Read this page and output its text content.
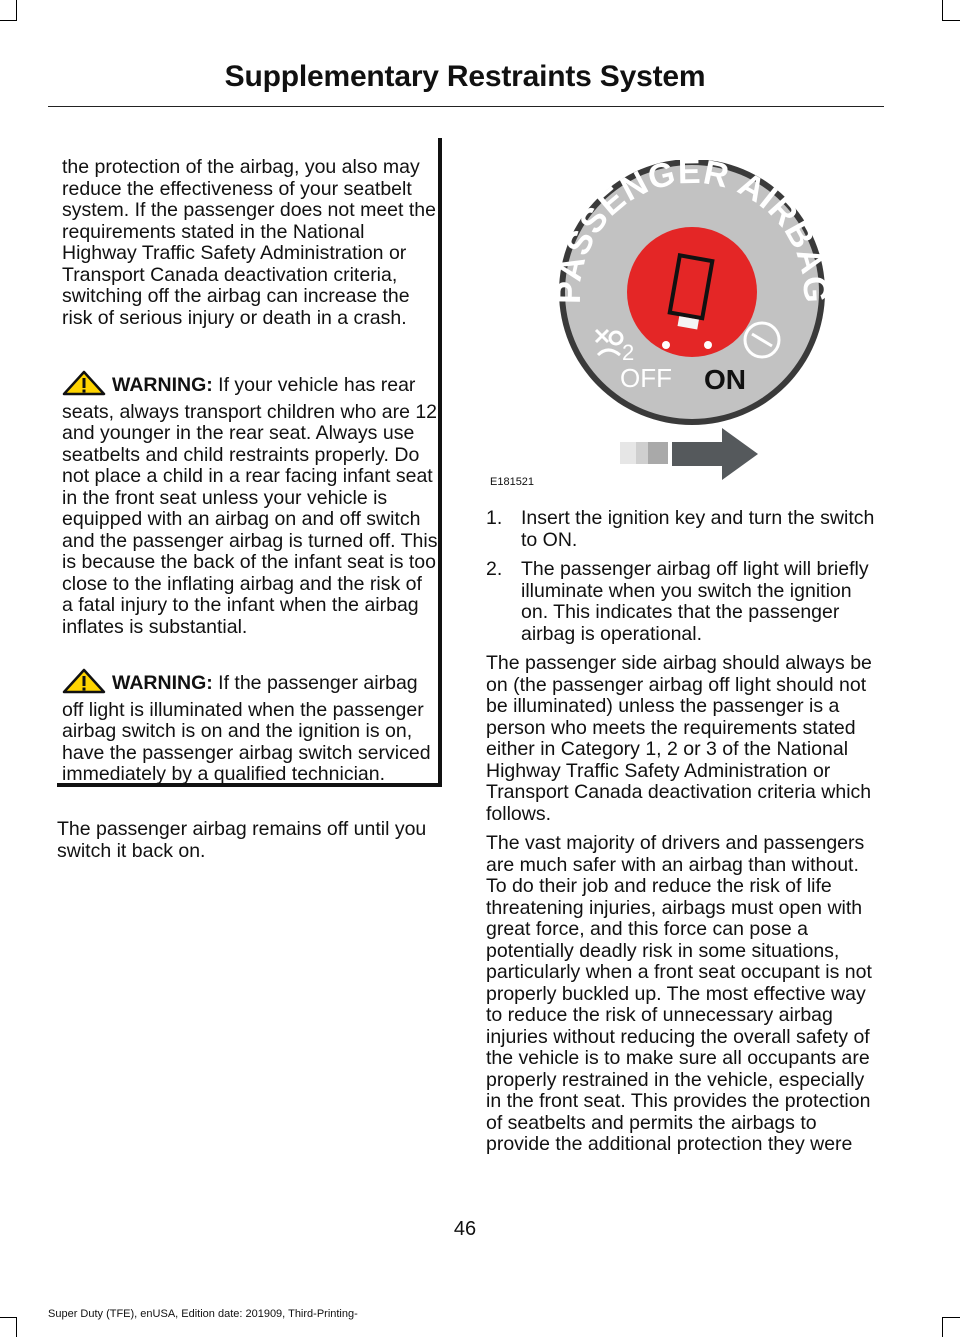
Supplementary Restraints System

the protection of the airbag, you also may reduce the effectiveness of your seatbelt system. If the passenger does not meet the requirements stated in the National Highway Traffic Safety Administration or Transport Canada deactivation criteria, switching off the airbag can increase the risk of serious injury or death in a crash.

WARNING: If your vehicle has rear seats, always transport children who are 12 and younger in the rear seat. Always use seatbelts and child restraints properly. Do not place a child in a rear facing infant seat in the front seat unless your vehicle is equipped with an airbag on and off switch and the passenger airbag is turned off. This is because the back of the infant seat is too close to the inflating airbag and the risk of a fatal injury to the infant when the airbag inflates is substantial.

WARNING: If the passenger airbag off light is illuminated when the passenger airbag switch is on and the ignition is on, have the passenger airbag switch serviced immediately by a qualified technician.

The passenger airbag remains off until you switch it back on.

PASSENGER AIRBAG
2
OFF ON
E181521
1. Insert the ignition key and turn the switch to ON.
2. The passenger airbag off light will briefly illuminate when you switch the ignition on. This indicates that the passenger airbag is operational.

The passenger side airbag should always be on (the passenger airbag off light should not be illuminated) unless the passenger is a person who meets the requirements stated either in Category 1, 2 or 3 of the National Highway Traffic Safety Administration or Transport Canada deactivation criteria which follows.

The vast majority of drivers and passengers are much safer with an airbag than without. To do their job and reduce the risk of life threatening injuries, airbags must open with great force, and this force can pose a potentially deadly risk in some situations, particularly when a front seat occupant is not properly buckled up. The most effective way to reduce the risk of unnecessary airbag injuries without reducing the overall safety of the vehicle is to make sure all occupants are properly restrained in the vehicle, especially in the front seat. This provides the protection of seatbelts and permits the airbags to provide the additional protection they were

46
Super Duty (TFE), enUSA, Edition date: 201909, Third-Printing-
